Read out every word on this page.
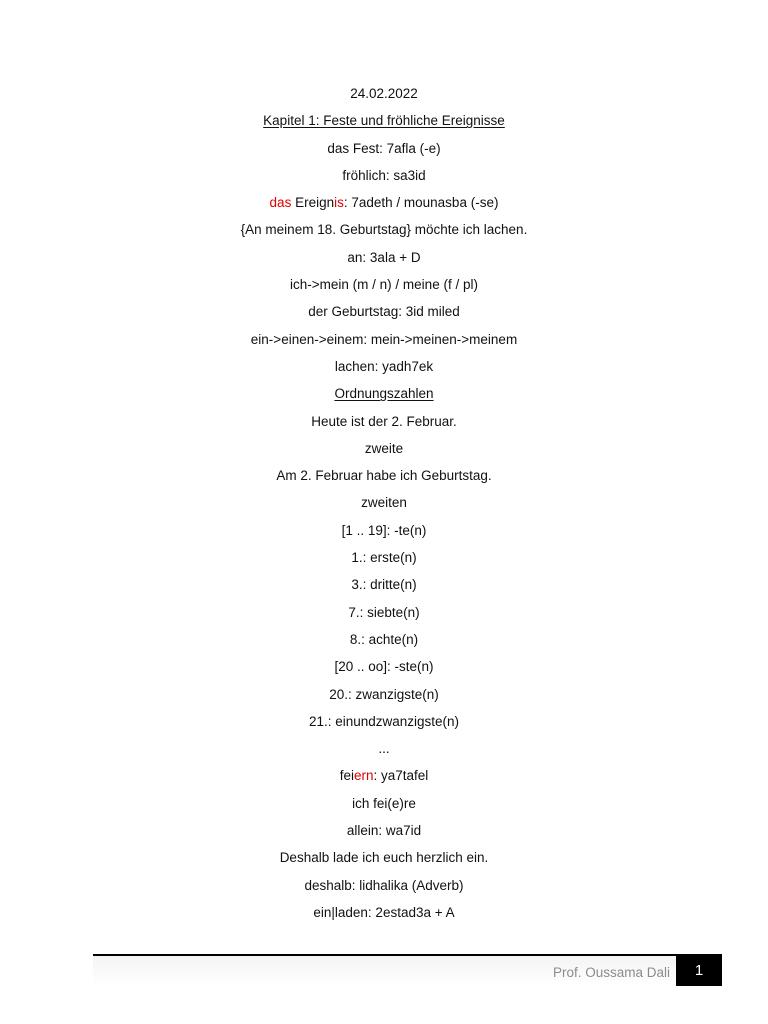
24.02.2022
Kapitel 1: Feste und fröhliche Ereignisse
das Fest: 7afla (-e)
fröhlich: sa3id
das Ereignis: 7adeth / mounasba (-se)
{An meinem 18. Geburtstag} möchte ich lachen.
an: 3ala + D
ich->mein (m / n) / meine (f / pl)
der Geburtstag: 3id miled
ein->einen->einem: mein->meinen->meinem
lachen: yadh7ek
Ordnungszahlen
Heute ist der 2. Februar.
zweite
Am 2. Februar habe ich Geburtstag.
zweiten
[1 .. 19]: -te(n)
1.: erste(n)
3.: dritte(n)
7.: siebte(n)
8.: achte(n)
[20 .. oo]: -ste(n)
20.: zwanzigste(n)
21.: einundzwanzigste(n)
...
feiern: ya7tafel
ich fei(e)re
allein: wa7id
Deshalb lade ich euch herzlich ein.
deshalb: lidhalika (Adverb)
ein|laden: 2estad3a + A
Prof. Oussama Dali	1
